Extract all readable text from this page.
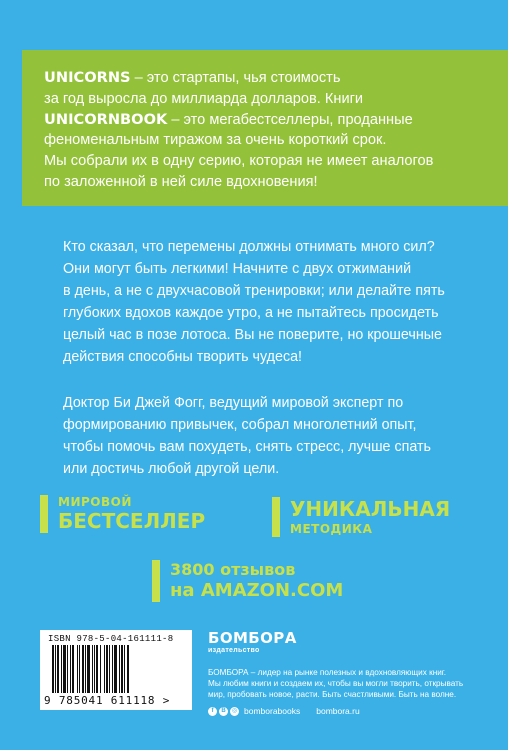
UNICORNS – это стартапы, чья стоимость

за год выросла до миллиарда долларов. Книги

UNICORNBOOK – это мегабестселлеры, проданные

феноменальным тиражом за очень короткий срок.

Мы собрали их в одну серию, которая не имеет аналогов

по заложенной в ней силе вдохновения!

Кто сказал, что перемены должны отнимать много сил?
Они могут быть легкими! Начните с двух отжиманий
в день, а не с двухчасовой тренировки; или делайте пять
глубоких вдохов каждое утро, а не пытайтесь просидеть
целый час в позе лотоса. Вы не поверите, но крошечные
действия способны творить чудеса!
Доктор Би Джей Фогг, ведущий мировой эксперт по
формированию привычек, собрал многолетний опыт,
чтобы помочь вам похудеть, снять стресс, лучше спать
или достичь любой другой цели.
МИРОВОЙ
БЕСТСЕЛЛЕР	УНИКАЛЬНАЯ
МЕТОДИКА
3800 отзывов
на AMAZON.COM
ISBN 978-5-04-161111-8
9 785041 611118 >
БОМБОРА
издательство

БОМБОРА – лидер на рынке полезных и вдохновляющих книг.
Мы любим книги и создаем их, чтобы вы могли творить, открывать
мир, пробовать новое, расти. Быть счастливыми. Быть на волне.

f	B	◎ bomborabooks bombora.ru
